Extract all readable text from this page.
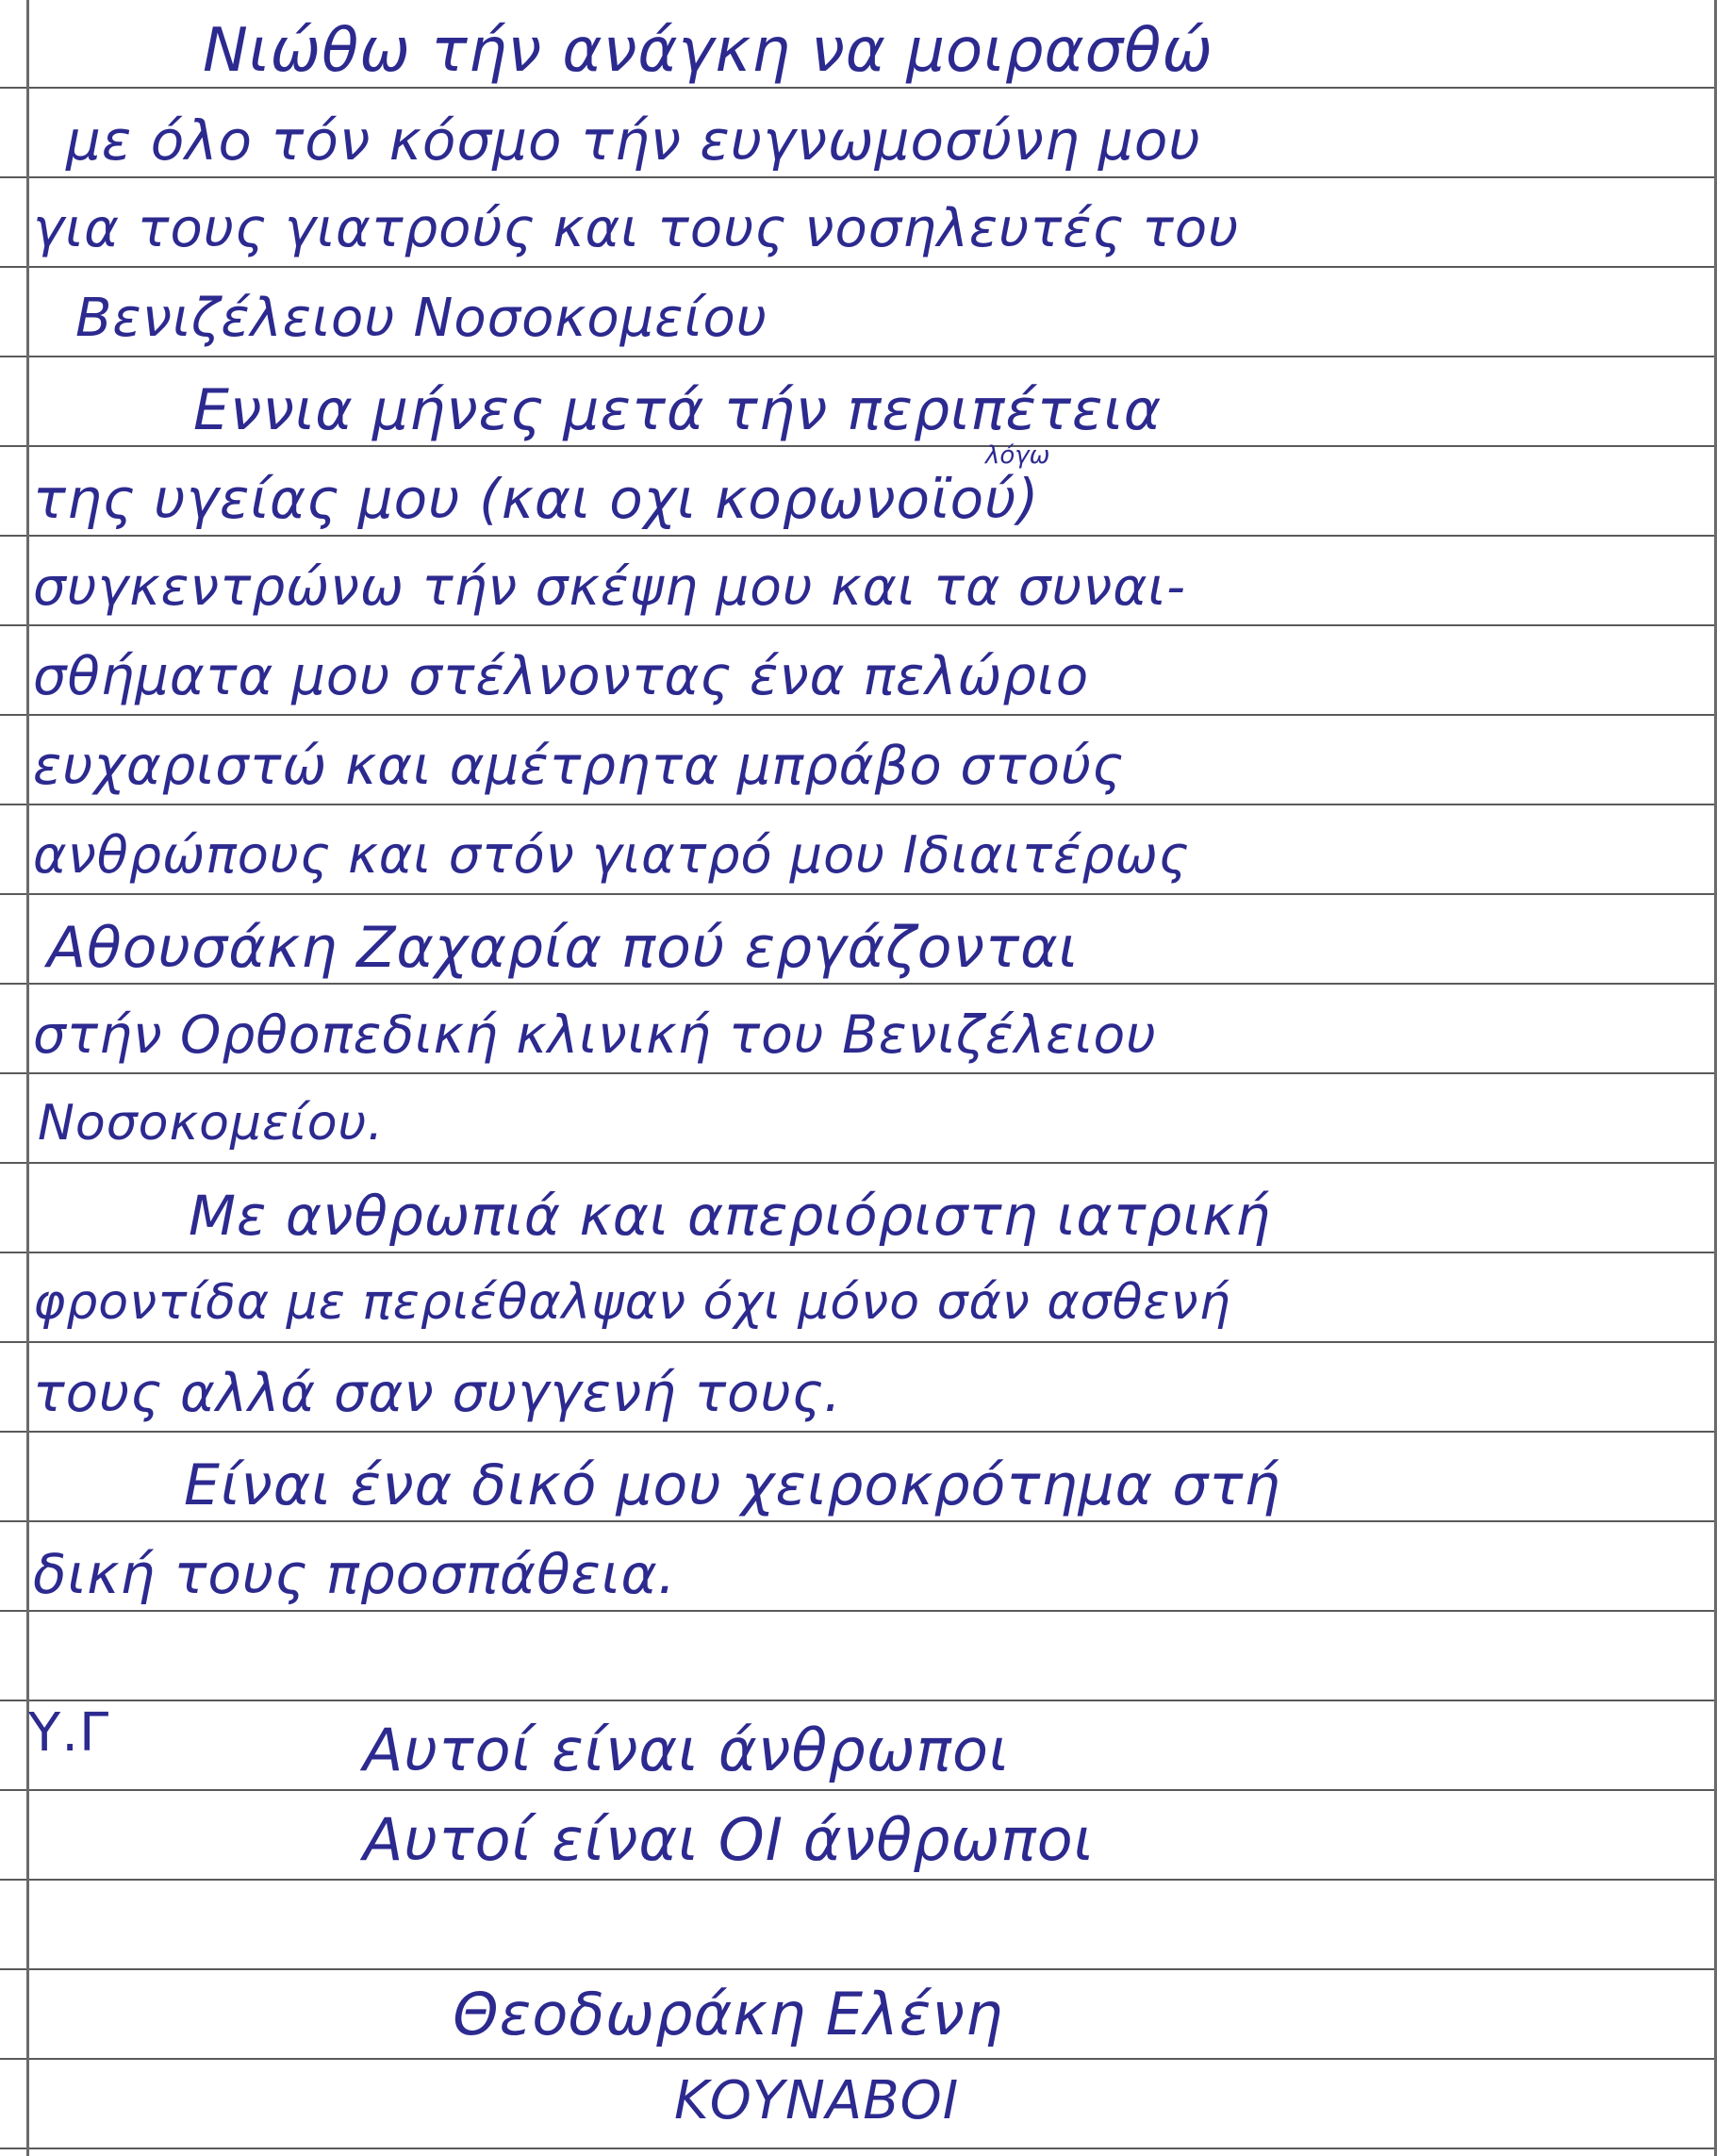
Νιώθω τήν ανάγκη να μοιρασθώ
με όλο τόν κόσμο τήν ευγνωμοσύνη μου
για τους γιατρούς και τους νοσηλευτές του
Βενιζέλειου Νοσοκομείου
Εννια μήνες μετά τήν περιπέτεια
λόγω
της υγείας μου (και οχι κορωνοϊού)
συγκεντρώνω τήν σκέψη μου και τα συναι-
σθήματα μου στέλνοντας ένα πελώριο
ευχαριστώ και αμέτρητα μπράβο στούς
ανθρώπους και στόν γιατρό μου Ιδιαιτέρως
Αθουσάκη Ζαχαρία πού εργάζονται
στήν Ορθοπεδική κλινική του Βενιζέλειου
Νοσοκομείου.
Με ανθρωπιά και απεριόριστη ιατρική
φροντίδα με περιέθαλψαν όχι μόνο σάν ασθενή
τους αλλά σαν συγγενή τους.
Είναι ένα δικό μου χειροκρότημα στή
δική τους προσπάθεια.
Υ.Γ	Αυτοί είναι άνθρωποι
Αυτοί είναι ΟΙ άνθρωποι
Θεοδωράκη Ελένη
ΚΟΥΝΑΒΟΙ
